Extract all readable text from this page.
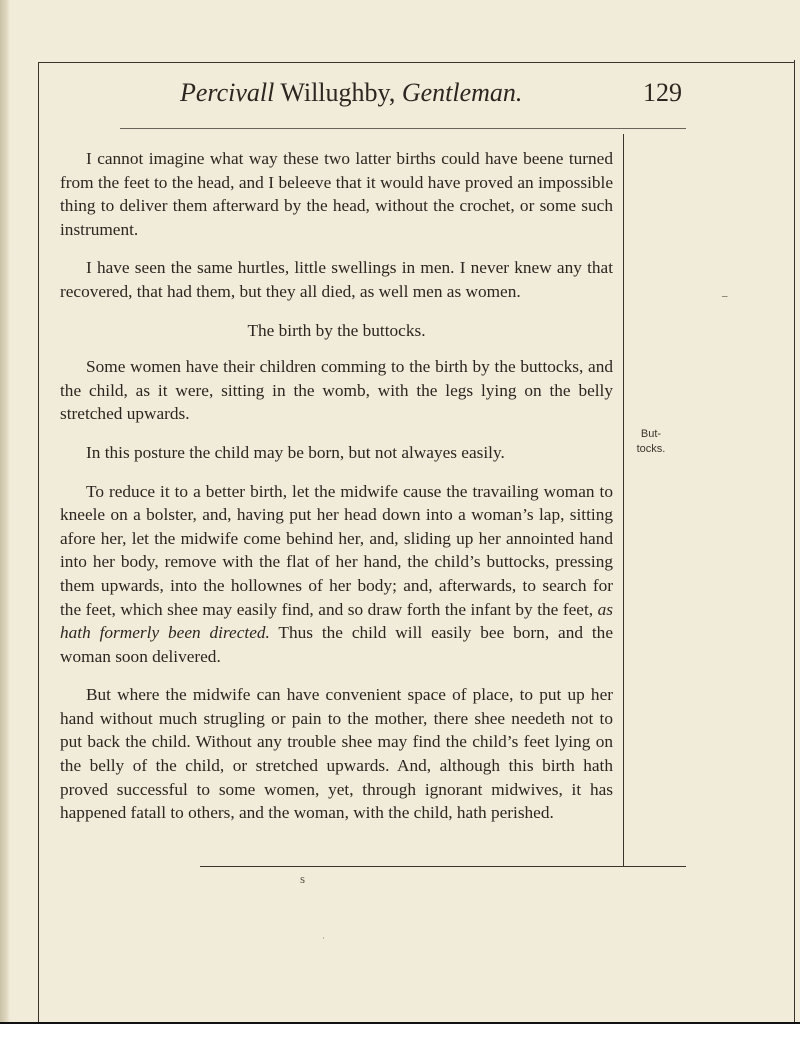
Percivall Willughby, Gentleman.	129

I cannot imagine what way these two latter births could have beene turned from the feet to the head, and I beleeve that it would have proved an impossible thing to deliver them afterward by the head, without the crochet, or some such instrument.

I have seen the same hurtles, little swellings in men. I never knew any that recovered, that had them, but they all died, as well men as women.

The birth by the buttocks.

Some women have their children comming to the birth by the buttocks, and the child, as it were, sitting in the womb, with the legs lying on the belly stretched upwards.

In this posture the child may be born, but not alwayes easily.

To reduce it to a better birth, let the midwife cause the travailing woman to kneele on a bolster, and, having put her head down into a woman’s lap, sitting afore her, let the midwife come behind her, and, sliding up her annointed hand into her body, remove with the flat of her hand, the child’s buttocks, pressing them upwards, into the hollownes of her body; and, afterwards, to search for the feet, which shee may easily find, and so draw forth the infant by the feet, as hath formerly been directed. Thus the child will easily bee born, and the woman soon delivered.

But where the midwife can have convenient space of place, to put up her hand without much strugling or pain to the mother, there shee needeth not to put back the child. Without any trouble shee may find the child’s feet lying on the belly of the child, or stretched upwards. And, although this birth hath proved successful to some women, yet, through ignorant midwives, it has happened fatall to others, and the woman, with the child, hath perished.

–
But-
tocks.
s
·
